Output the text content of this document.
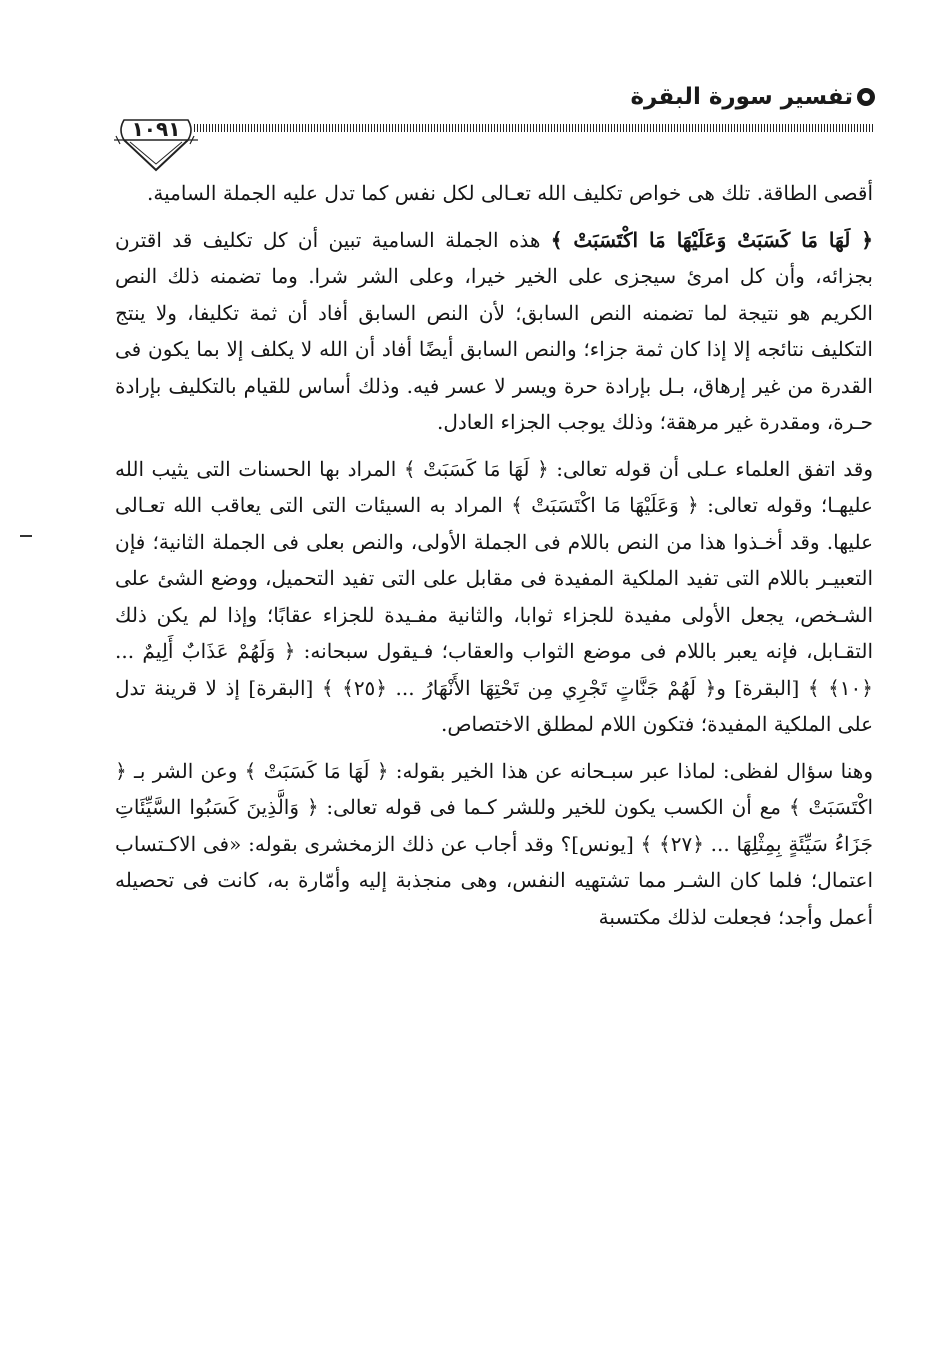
تفسير سورة البقرة
١٠٩١

أقصى الطاقة. تلك هى خواص تكليف الله تعـالى لكل نفس كما تدل عليه الجملة السامية.

﴿ لَهَا مَا كَسَبَتْ وَعَلَيْهَا مَا اكْتَسَبَتْ ﴾ هذه الجملة السامية تبين أن كل تكليف قد اقترن بجزائه، وأن كل امرئ سيجزى على الخير خيرا، وعلى الشر شرا. وما تضمنه ذلك النص الكريم هو نتيجة لما تضمنه النص السابق؛ لأن النص السابق أفاد أن ثمة تكليفا، ولا ينتج التكليف نتائجه إلا إذا كان ثمة جزاء؛ والنص السابق أيضًا أفاد أن الله لا يكلف إلا بما يكون فى القدرة من غير إرهاق، بـل بإرادة حرة ويسر لا عسر فيه. وذلك أساس للقيام بالتكليف بإرادة حـرة، ومقدرة غير مرهقة؛ وذلك يوجب الجزاء العادل.

وقد اتفق العلماء عـلى أن قوله تعالى: ﴿ لَهَا مَا كَسَبَتْ ﴾ المراد بها الحسنات التى يثيب الله عليهـا؛ وقوله تعالى: ﴿ وَعَلَيْهَا مَا اكْتَسَبَتْ ﴾ المراد به السيئات التى التى يعاقب الله تعـالى عليها. وقد أخـذوا هذا من النص باللام فى الجملة الأولى، والنص بعلى فى الجملة الثانية؛ فإن التعبيـر باللام التى تفيد الملكية المفيدة فى مقابل على التى تفيد التحميل، ووضع الشئ على الشـخص، يجعل الأولى مفيدة للجزاء ثوابا، والثانية مفـيدة للجزاء عقابًا؛ وإذا لم يكن ذلك التقـابل، فإنه يعبر باللام فى موضع الثواب والعقاب؛ فـيقول سبحانه: ﴿ وَلَهُمْ عَذَابٌ أَلِيمٌ ... ﴿١٠﴾ ﴾ [البقرة] و﴿ لَهُمْ جَنَّاتٍ تَجْرِي مِن تَحْتِهَا الأَنْهَارُ ... ﴿٢٥﴾ ﴾ [البقرة] إذ لا قرينة تدل على الملكية المفيدة؛ فتكون اللام لمطلق الاختصاص.

وهنا سؤال لفظى: لماذا عبر سبـحانه عن هذا الخير بقوله: ﴿ لَهَا مَا كَسَبَتْ ﴾ وعن الشر بـ ﴿ اكْتَسَبَتْ ﴾ مع أن الكسب يكون للخير وللشر كـما فى قوله تعالى: ﴿ وَالَّذِينَ كَسَبُوا السَّيِّئَاتِ جَزَاءُ سَيِّئَةٍ بِمِثْلِهَا ... ﴿٢٧﴾ ﴾ [يونس]؟ وقد أجاب عن ذلك الزمخشرى بقوله: «فى الاكـتساب اعتمال؛ فلما كان الشـر مما تشتهيه النفس، وهى منجذبة إليه وأمّارة به، كانت فى تحصيله أعمل وأجد؛ فجعلت لذلك مكتسبة
